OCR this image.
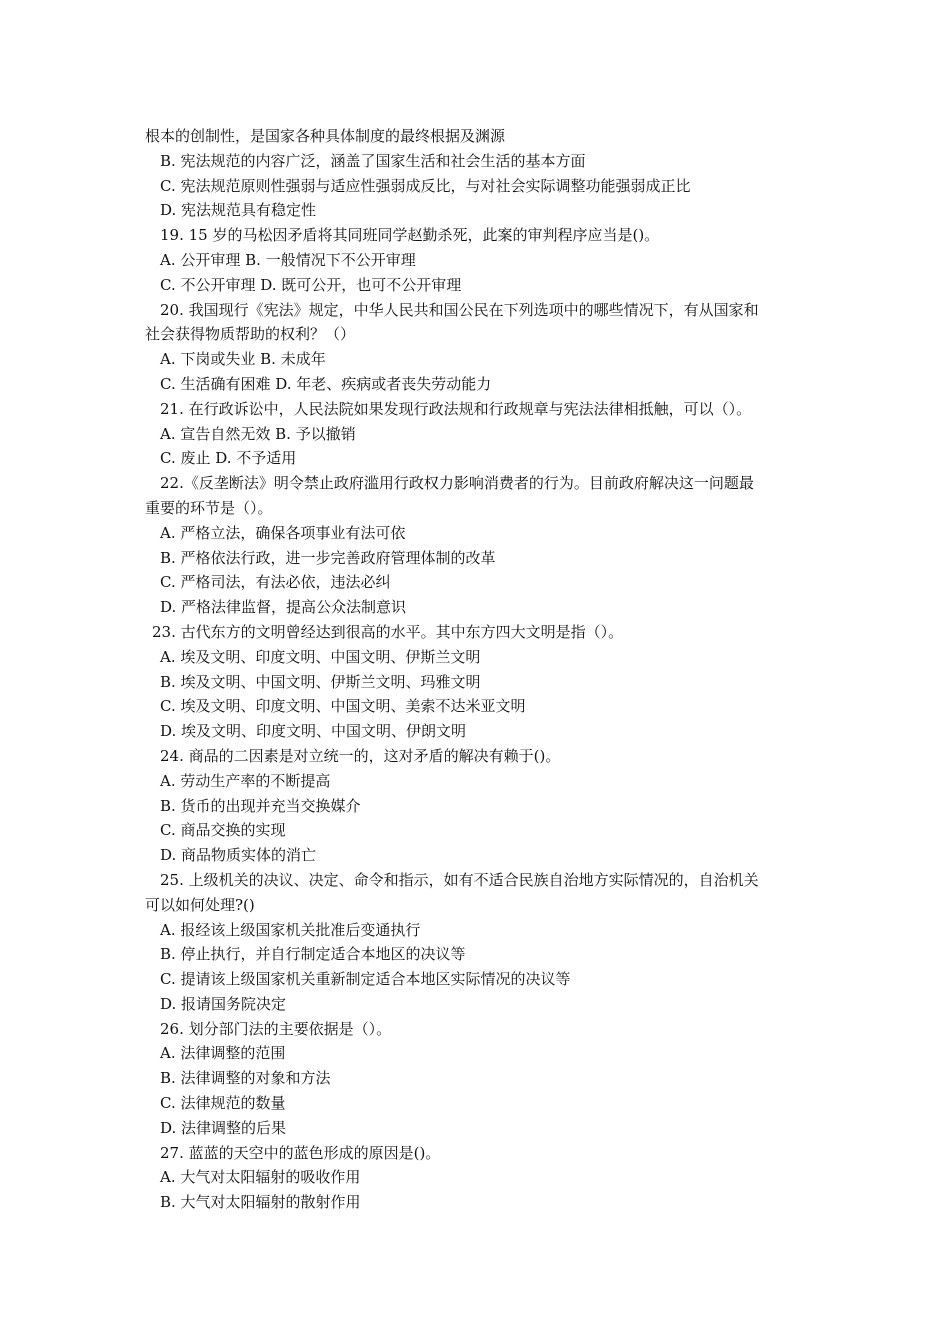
根本的创制性，是国家各种具体制度的最终根据及渊源
B. 宪法规范的内容广泛，涵盖了国家生活和社会生活的基本方面
C. 宪法规范原则性强弱与适应性强弱成反比，与对社会实际调整功能强弱成正比
D. 宪法规范具有稳定性
19. 15 岁的马松因矛盾将其同班同学赵勤杀死，此案的审判程序应当是()。
A. 公开审理 B. 一般情况下不公开审理
C. 不公开审理 D. 既可公开，也可不公开审理
20. 我国现行《宪法》规定，中华人民共和国公民在下列选项中的哪些情况下，有从国家和
社会获得物质帮助的权利？（）
A. 下岗或失业 B. 未成年
C. 生活确有困难 D. 年老、疾病或者丧失劳动能力
21. 在行政诉讼中，人民法院如果发现行政法规和行政规章与宪法法律相抵触，可以（）。
A. 宣告自然无效 B. 予以撤销
C. 废止 D. 不予适用
22.《反垄断法》明令禁止政府滥用行政权力影响消费者的行为。目前政府解决这一问题最
重要的环节是（）。
A. 严格立法，确保各项事业有法可依
B. 严格依法行政，进一步完善政府管理体制的改革
C. 严格司法，有法必依，违法必纠
D. 严格法律监督，提高公众法制意识
23. 古代东方的文明曾经达到很高的水平。其中东方四大文明是指（）。
A. 埃及文明、印度文明、中国文明、伊斯兰文明
B. 埃及文明、中国文明、伊斯兰文明、玛雅文明
C. 埃及文明、印度文明、中国文明、美索不达米亚文明
D. 埃及文明、印度文明、中国文明、伊朗文明
24. 商品的二因素是对立统一的，这对矛盾的解决有赖于()。
A. 劳动生产率的不断提高
B. 货币的出现并充当交换媒介
C. 商品交换的实现
D. 商品物质实体的消亡
25. 上级机关的决议、决定、命令和指示，如有不适合民族自治地方实际情况的，自治机关
可以如何处理?()
A. 报经该上级国家机关批准后变通执行
B. 停止执行，并自行制定适合本地区的决议等
C. 提请该上级国家机关重新制定适合本地区实际情况的决议等
D. 报请国务院决定
26. 划分部门法的主要依据是（）。
A. 法律调整的范围
B. 法律调整的对象和方法
C. 法律规范的数量
D. 法律调整的后果
27. 蓝蓝的天空中的蓝色形成的原因是()。
A. 大气对太阳辐射的吸收作用
B. 大气对太阳辐射的散射作用
